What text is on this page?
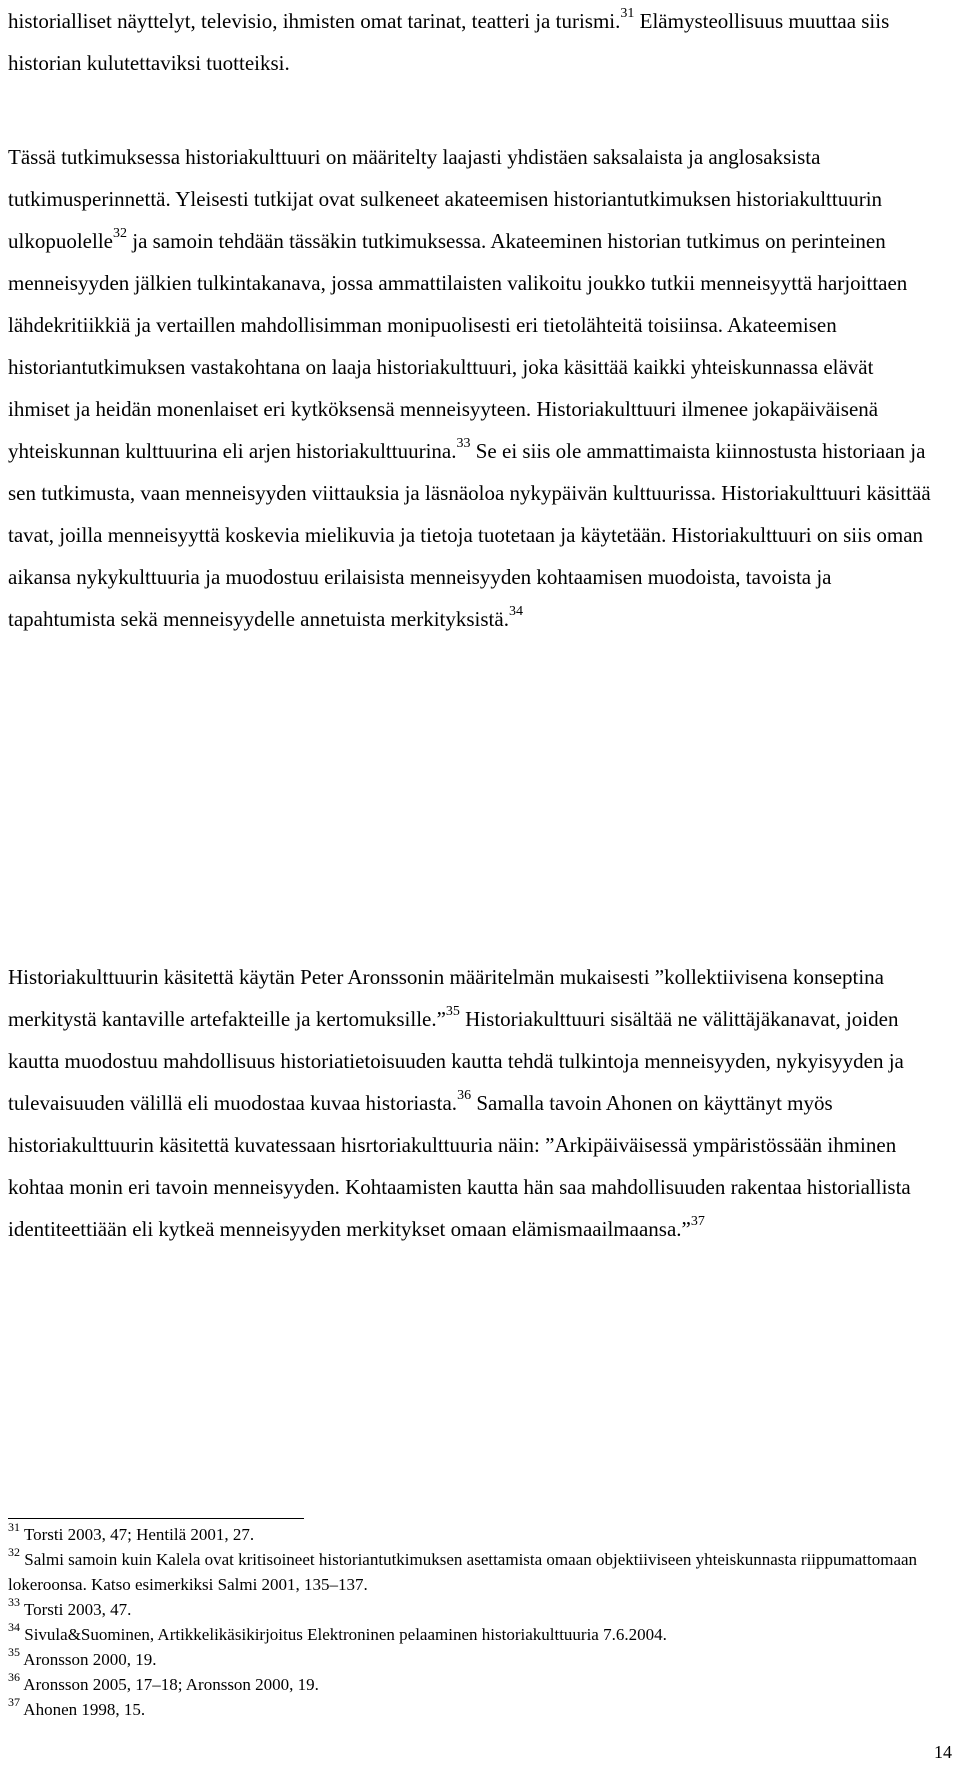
historialliset näyttelyt, televisio, ihmisten omat tarinat, teatteri ja turismi.$^{31}$ Elämysteollisuus muuttaa siis historian kulutettaviksi tuotteiksi.

Tässä tutkimuksessa historiakulttuuri on määritelty laajasti yhdistäen saksalaista ja anglosaksista tutkimusperinnettä. Yleisesti tutkijat ovat sulkeneet akateemisen historiantutkimuksen historiakulttuurin ulkopuolelle$^{32}$ ja samoin tehdään tässäkin tutkimuksessa. Akateeminen historian tutkimus on perinteinen menneisyyden jälkien tulkintakanava, jossa ammattilaisten valikoitu joukko tutkii menneisyyttä harjoittaen lähdekritiikkiä ja vertaillen mahdollisimman monipuolisesti eri tietolähteitä toisiinsa. Akateemisen historiantutkimuksen vastakohtana on laaja historiakulttuuri, joka käsittää kaikki yhteiskunnassa elävät ihmiset ja heidän monenlaiset eri kytköksensä menneisyyteen. Historiakulttuuri ilmenee jokapäiväisenä yhteiskunnan kulttuurina eli arjen historiakulttuurina.$^{33}$ Se ei siis ole ammattimaista kiinnostusta historiaan ja sen tutkimusta, vaan menneisyyden viittauksia ja läsnäoloa nykypäivän kulttuurissa. Historiakulttuuri käsittää tavat, joilla menneisyyttä koskevia mielikuvia ja tietoja tuotetaan ja käytetään. Historiakulttuuri on siis oman aikansa nykykulttuuria ja muodostuu erilaisista menneisyyden kohtaamisen muodoista, tavoista ja tapahtumista sekä menneisyydelle annetuista merkityksistä.$^{34}$

Historiakulttuurin käsitettä käytän Peter Aronssonin määritelmän mukaisesti ”kollektiivisena konseptina merkitystä kantaville artefakteille ja kertomuksille.”$^{35}$ Historiakulttuuri sisältää ne välittäjäkanavat, joiden kautta muodostuu mahdollisuus historiatietoisuuden kautta tehdä tulkintoja menneisyyden, nykyisyyden ja tulevaisuuden välillä eli muodostaa kuvaa historiasta.$^{36}$ Samalla tavoin Ahonen on käyttänyt myös historiakulttuurin käsitettä kuvatessaan hisrtoriakulttuuria näin: ”Arkipäiväisessä ympäristössään ihminen kohtaa monin eri tavoin menneisyyden. Kohtaamisten kautta hän saa mahdollisuuden rakentaa historiallista identiteettiään eli kytkeä menneisyyden merkitykset omaan elämismaailmaansa.”$^{37}$

$^{31}$ Torsti 2003, 47; Hentilä 2001, 27.

$^{32}$ Salmi samoin kuin Kalela ovat kritisoineet historiantutkimuksen asettamista omaan objektiiviseen yhteiskunnasta riippumattomaan lokeroonsa. Katso esimerkiksi Salmi 2001, 135–137.

$^{33}$ Torsti 2003, 47.

$^{34}$ Sivula&Suominen, Artikkelikäsikirjoitus Elektroninen pelaaminen historiakulttuuria 7.6.2004.

$^{35}$ Aronsson 2000, 19.

$^{36}$ Aronsson 2005, 17–18; Aronsson 2000, 19.

$^{37}$ Ahonen 1998, 15.

14
